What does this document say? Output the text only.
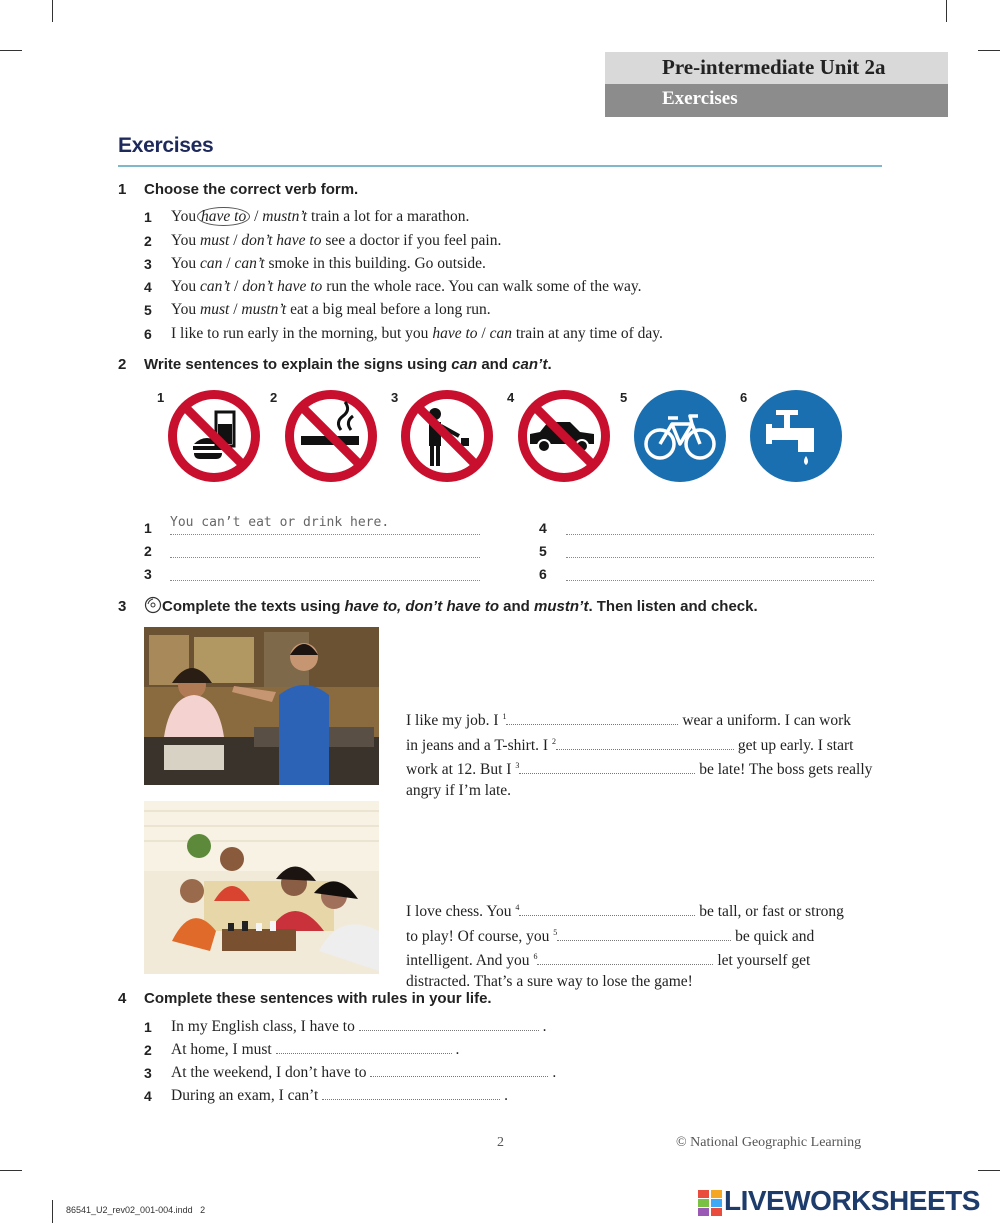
Pre-intermediate Unit 2a
Exercises
Exercises
1 Choose the correct verb form.
1 You have to / mustn’t train a lot for a marathon.
2 You must / don’t have to see a doctor if you feel pain.
3 You can / can’t smoke in this building. Go outside.
4 You can’t / don’t have to run the whole race. You can walk some of the way.
5 You must / mustn’t eat a big meal before a long run.
6 I like to run early in the morning, but you have to / can train at any time of day.
2 Write sentences to explain the signs using can and can’t.
1	2	3	4	5	6
1 You can’t eat or drink here.
2
3
4
5
6
3 Complete the texts using have to, don’t have to and mustn’t. Then listen and check.
I like my job. I $^1$	wear a uniform. I can work
in jeans and a T-shirt. I $^2$	get up early. I start
work at 12. But I $^3$	be late! The boss gets really
angry if I’m late.
I love chess. You $^4$	be tall, or fast or strong
to play! Of course, you $^5$	be quick and
intelligent. And you $^6$	let yourself get
distracted. That’s a sure way to lose the game!
4 Complete these sentences with rules in your life.
1 In my English class, I have to	.
2 At home, I must	.
3 At the weekend, I don’t have to	.
4 During an exam, I can’t	.
2	© National Geographic Learning
86541_U2_rev02_001-004.indd   2	LIVEWORKSHEETS
